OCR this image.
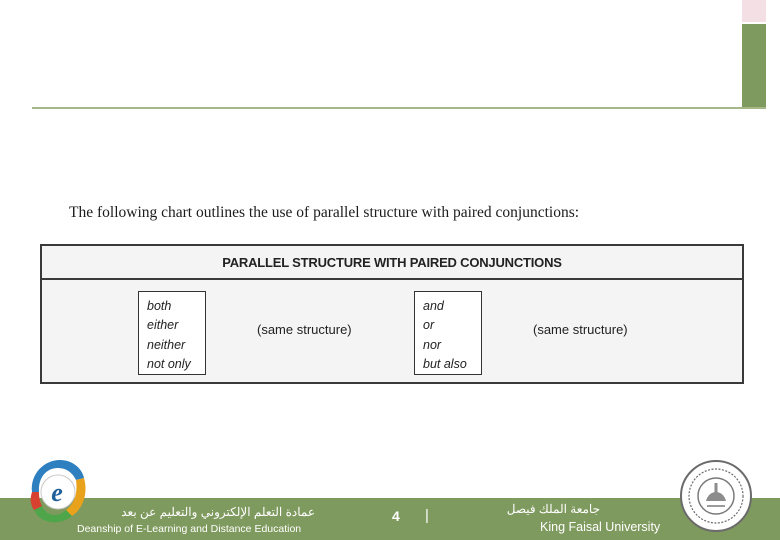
The following chart outlines the use of parallel structure with paired conjunctions:
PARALLEL STRUCTURE WITH PAIRED CONJUNCTIONS
both
either
neither
not only
(same structure)
and
or
nor
but also
(same structure)
عمادة التعلم الإلكتروني والتعليم عن بعد
Deanship of E-Learning and Distance Education
4 |	جامعة الملك فيصل
King Faisal University
e
